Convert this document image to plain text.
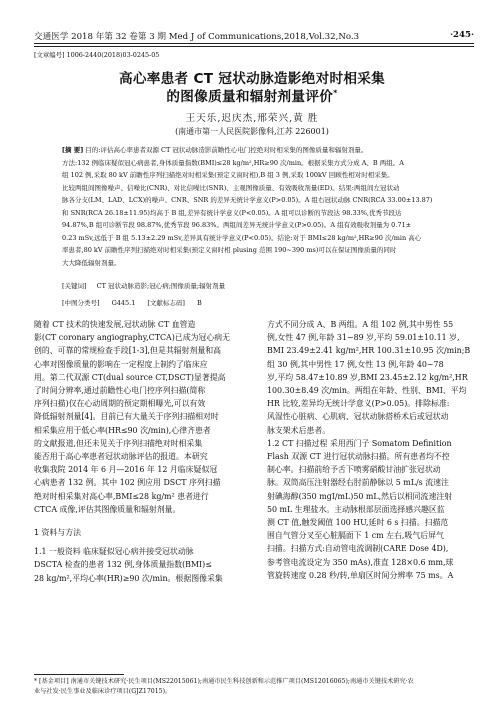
交通医学 2018 年第 32 卷第 3 期 Med J of Communications,2018,Vol.32,No.3	·245·
[文章编号] 1006-2440(2018)03-0245-05
高心率患者 CT 冠状动脉造影绝对时相采集
的图像质量和辐射剂量评价*
王天乐,迟庆杰,邢荣兴,黄 胜
(南通市第一人民医院影像科,江苏 226001)
[摘 要] 目的:评估高心率患者双源 CT 冠状动脉造影前瞻性心电门控绝对时相采集的图像质量和辐射剂量。
方法:132 例临床疑似冠心病患者,身体质量指数(BMI)≤28 kg/m²,HR≥90 次/min。根据采集方式分成 A、B 两组。A
组 102 例,采取 80 kV 前瞻性序列扫描绝对时相采集(预定义窗时相),B 组 3 例,采取 100kV 回顾性相对时相采集。
比较两组间图像噪声、信噪比(CNR)、对比信噪比(SNR)、主观图像质量、有效吸收剂量(ED)。结果:两组间左冠状动
脉各分支(LM、LAD、LCX)的噪声、CNR、SNR 的差异无统计学意义(P>0.05)。A 组右冠状动脉 CNR(RCA 33.00±13.87)
和 SNR(RCA 26.18±11.95)均高于 B 组,差异有统计学意义(P<0.05)。A 组可以诊断的节段达 98.33%,优秀节段达
94.87%,B 组可诊断节段 98.87%,优秀节段 96.83%。两组间差异无统计学意义(P>0.05)。A 组有效吸收剂量为 0.71±
0.23 mSv,远低于 B 组 5.13±2.29 mSv,差异具有统计学意义(P<0.05)。结论:对于 BMI≤28 kg/m²,HR≥90 次/min 高心
率患者,80 kV 前瞻性序列扫描绝对时相采集(预定义窗时相 plusing 范围 190~390 ms)可以在保证图像质量的同时
大大降低辐射剂量。
[关键词] CT 冠状动脉造影;冠心病;图像质量;辐射剂量
[中图分类号] G445.1 [文献标志码] B

随着 CT 技术的快速发展,冠状动脉 CT 血管造

影(CT coronary angiography,CTCA)已成为冠心病无

创的、可靠的常规检查手段[1-3],但是其辐射剂量和高

心率对图像质量的影响在一定程度上制约了临床应

用。第二代双源 CT(dual source CT,DSCT)显著提高

了时间分辨率,通过前瞻性心电门控序列扫描(简称

序列扫描)仅在心动周期的预定期相曝光,可以有效

降低辐射剂量[4]。目前已有大量关于序列扫描相对时

相采集应用于低心率(HR≤90 次/min),心律齐患者

的文献报道,但还未见关于序列扫描绝对时相采集

能否用于高心率患者冠状动脉评估的报道。本研究

收集我院 2014 年 6 月—2016 年 12 月临床疑似冠

心病患者 132 例。其中 102 例应用 DSCT 序列扫描

绝对时相采集对高心率,BMI≤28 kg/m² 患者进行

CTCA 成像,评估其图像质量和辐射剂量。

1 资料与方法

1.1 一般资料 临床疑似冠心病并接受冠状动脉

DSCTA 检查的患者 132 例,身体质量指数(BMI)≤

28 kg/m²,平均心率(HR)≥90 次/min。根据图像采集

方式不同分成 A、B 两组。A 组 102 例,其中男性 55

例,女性 47 例,年龄 31~89 岁,平均 59.01±10.11 岁,

BMI 23.49±2.41 kg/m²,HR 100.31±10.95 次/min;B

组 30 例,其中男性 17 例,女性 13 例,年龄 40~78

岁,平均 58.47±10.89 岁,BMI 23.45±2.12 kg/m²,HR

100.30±8.49 次/min。两组在年龄、性别、BMI、平均

HR 比较,差异均无统计学意义(P>0.05)。排除标准:

风湿性心脏病、心肌病、冠状动脉搭桥术后或冠状动

脉支架术后患者。

1.2 CT 扫描过程 采用西门子 Somatom Definition

Flash 双源 CT 进行冠状动脉扫描。所有患者均不控

制心率。扫描前给予舌下喷雾硝酸甘油扩张冠状动

脉。双筒高压注射器经右肘前静脉以 5 mL/s 流速注

射碘海醇(350 mgI/mL)50 mL,然后以相同流速注射

50 mL 生理盐水。主动脉根部层面选择感兴趣区监

测 CT 值,触发阈值 100 HU,延时 6 s 扫描。扫描范

围自气管分叉至心脏膈面下 1 cm 左右,吸气后屏气

扫描。扫描方式:自动管电流调制(CARE Dose 4D),

参考管电流设定为 350 mAs),准直 128×0.6 mm,球

管旋转速度 0.28 秒/转,单扇区时间分辨率 75 ms。A

* [基金项目] 南通市关键技术研究·民生项目(MS22015061);南通市民生科技创新和示范推广项目(MS12016065);南通市关键技术研究·农
业与社发·民生事业及临床诊疗项目(GJZ17015)。
